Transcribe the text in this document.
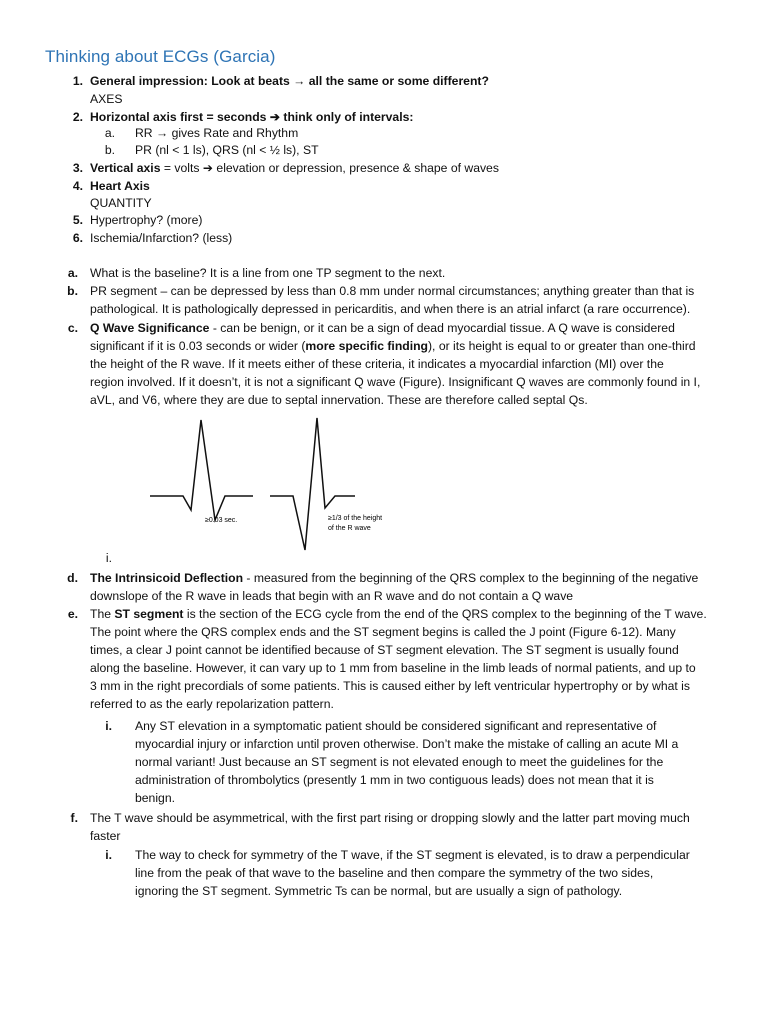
Thinking about ECGs (Garcia)
1. General impression: Look at beats → all the same or some different?
AXES
2. Horizontal axis first = seconds ➔ think only of intervals:
a. RR → gives Rate and Rhythm
b. PR (nl < 1 ls), QRS (nl < ½ ls), ST
3. Vertical axis = volts ➔ elevation or depression, presence & shape of waves
4. Heart Axis
QUANTITY
5. Hypertrophy? (more)
6. Ischemia/Infarction? (less)
a. What is the baseline? It is a line from one TP segment to the next.
b. PR segment – can be depressed by less than 0.8 mm under normal circumstances; anything greater than that is
pathological. It is pathologically depressed in pericarditis, and when there is an atrial infarct (a rare occurrence).
c. Q Wave Significance - can be benign, or it can be a sign of dead myocardial tissue. A Q wave is considered
significant if it is 0.03 seconds or wider (more specific finding), or its height is equal to or greater than one-third
the height of the R wave. If it meets either of these criteria, it indicates a myocardial infarction (MI) over the
region involved. If it doesn’t, it is not a significant Q wave (Figure). Insignificant Q waves are commonly found in I,
aVL, and V6, where they are due to septal innervation. These are therefore called septal Qs.
≥0.03 sec.	≥1/3 of the height
of the R wave
i.
d. The Intrinsicoid Deflection - measured from the beginning of the QRS complex to the beginning of the negative
downslope of the R wave in leads that begin with an R wave and do not contain a Q wave
e. The ST segment is the section of the ECG cycle from the end of the QRS complex to the beginning of the T wave.
The point where the QRS complex ends and the ST segment begins is called the J point (Figure 6-12). Many
times, a clear J point cannot be identified because of ST segment elevation. The ST segment is usually found
along the baseline. However, it can vary up to 1 mm from baseline in the limb leads of normal patients, and up to
3 mm in the right precordials of some patients. This is caused either by left ventricular hypertrophy or by what is
referred to as the early repolarization pattern.
i. Any ST elevation in a symptomatic patient should be considered significant and representative of
myocardial injury or infarction until proven otherwise. Don’t make the mistake of calling an acute MI a
normal variant! Just because an ST segment is not elevated enough to meet the guidelines for the
administration of thrombolytics (presently 1 mm in two contiguous leads) does not mean that it is
benign.
f. The T wave should be asymmetrical, with the first part rising or dropping slowly and the latter part moving much
faster
i. The way to check for symmetry of the T wave, if the ST segment is elevated, is to draw a perpendicular
line from the peak of that wave to the baseline and then compare the symmetry of the two sides,
ignoring the ST segment. Symmetric Ts can be normal, but are usually a sign of pathology.
